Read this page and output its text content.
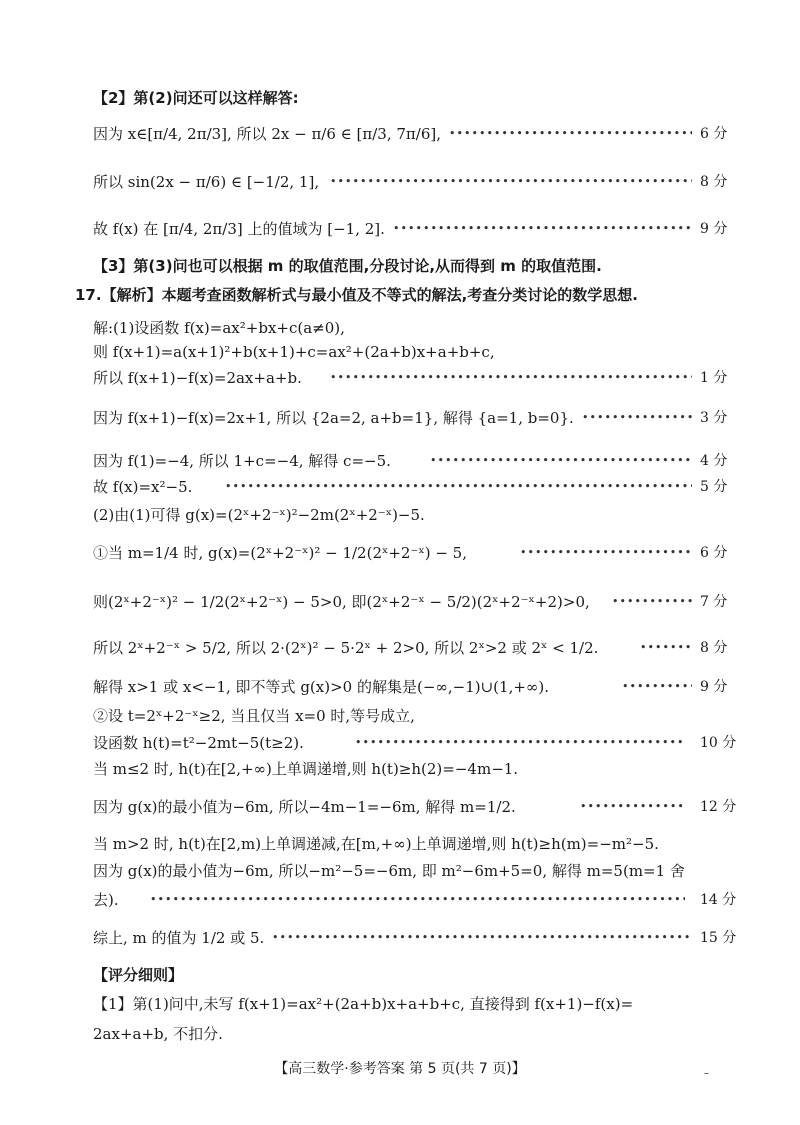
【2】第(2)问还可以这样解答:
因为 x∈[π/4, 2π/3], 所以 2x − π/6 ∈ [π/3, 7π/6], •••••	6 分
所以 sin(2x − π/6) ∈ [−1/2, 1], •••••	8 分
故 f(x) 在 [π/4, 2π/3] 上的值域为 [−1, 2]. •••••	9 分
【3】第(3)问也可以根据 m 的取值范围,分段讨论,从而得到 m 的取值范围.
17.【解析】本题考查函数解析式与最小值及不等式的解法,考查分类讨论的数学思想.
解:(1)设函数 f(x)=ax²+bx+c(a≠0),
则 f(x+1)=a(x+1)²+b(x+1)+c=ax²+(2a+b)x+a+b+c,
所以 f(x+1)−f(x)=2ax+a+b. •••••	1 分
因为 f(x+1)−f(x)=2x+1, 所以 {2a=2, a+b=1}, 解得 {a=1, b=0}. •••••	3 分
因为 f(1)=−4, 所以 1+c=−4, 解得 c=−5. •••••	4 分
故 f(x)=x²−5. •••••	5 分
(2)由(1)可得 g(x)=(2ˣ+2⁻ˣ)²−2m(2ˣ+2⁻ˣ)−5.
①当 m=1/4 时, g(x)=(2ˣ+2⁻ˣ)² − 1/2(2ˣ+2⁻ˣ) − 5, •••••	6 分
则(2ˣ+2⁻ˣ)² − 1/2(2ˣ+2⁻ˣ) − 5>0, 即(2ˣ+2⁻ˣ − 5/2)(2ˣ+2⁻ˣ+2)>0, •••••	7 分
所以 2ˣ+2⁻ˣ > 5/2, 所以 2·(2ˣ)² − 5·2ˣ + 2>0, 所以 2ˣ>2 或 2ˣ < 1/2. •••••	8 分
解得 x>1 或 x<−1, 即不等式 g(x)>0 的解集是(−∞,−1)∪(1,+∞). •••••	9 分
②设 t=2ˣ+2⁻ˣ≥2, 当且仅当 x=0 时,等号成立,
设函数 h(t)=t²−2mt−5(t≥2). •••••	10 分
当 m≤2 时, h(t)在[2,+∞)上单调递增,则 h(t)≥h(2)=−4m−1.
因为 g(x)的最小值为−6m, 所以−4m−1=−6m, 解得 m=1/2. •••••	12 分
当 m>2 时, h(t)在[2,m)上单调递减,在[m,+∞)上单调递增,则 h(t)≥h(m)=−m²−5.
因为 g(x)的最小值为−6m, 所以−m²−5=−6m, 即 m²−6m+5=0, 解得 m=5(m=1 舍
去). •••••	14 分
综上, m 的值为 1/2 或 5. •••••	15 分
【评分细则】
【1】第(1)问中,未写 f(x+1)=ax²+(2a+b)x+a+b+c, 直接得到 f(x+1)−f(x)=
2ax+a+b, 不扣分.
【高三数学·参考答案 第 5 页(共 7 页)】	–
